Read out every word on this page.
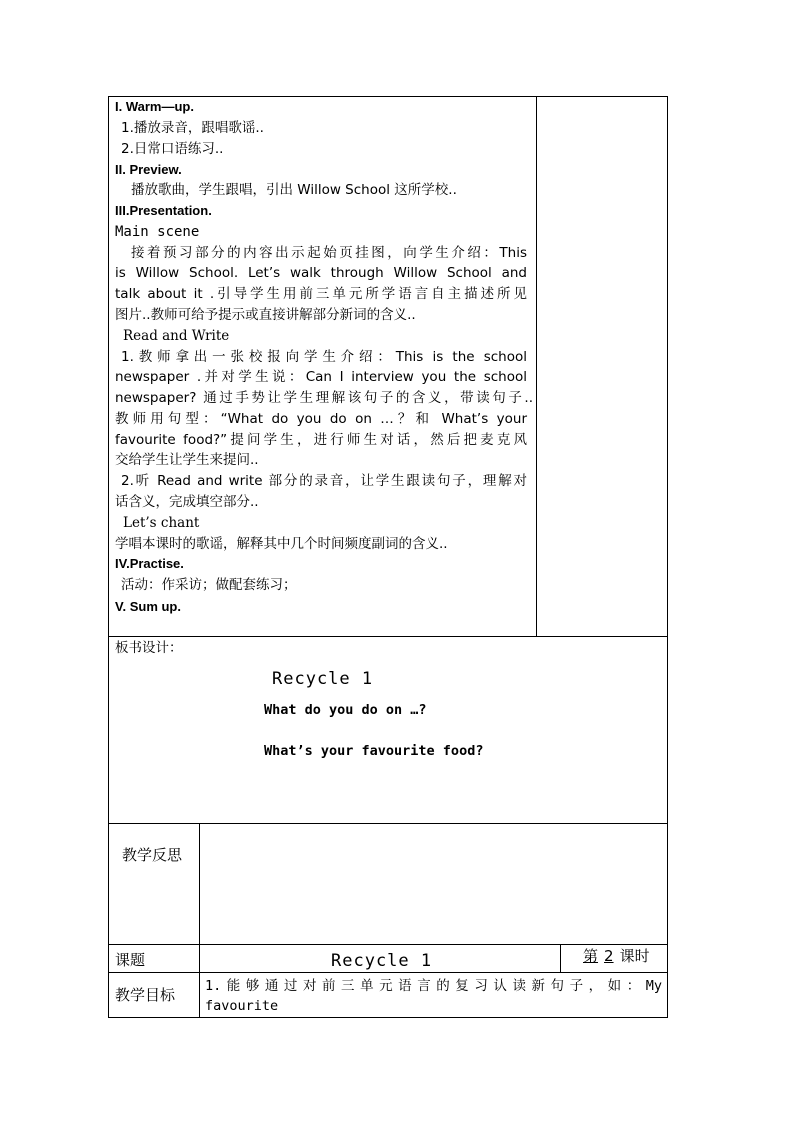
I. Warm—up.
1.播放录音，跟唱歌谣..
2.日常口语练习..
II. Preview.
播放歌曲，学生跟唱，引出 Willow School 这所学校..
III.Presentation.
Main scene
接着预习部分的内容出示起始页挂图，向学生介绍：This
is Willow School. Let’s walk through Willow School and
talk about it .引导学生用前三单元所学语言自主描述所见
图片..教师可给予提示或直接讲解部分新词的含义..
Read and Write
1.教师拿出一张校报向学生介绍：This is the school
newspaper .并对学生说：Can I interview you the school
newspaper? 通过手势让学生理解该句子的含义，带读句子..
教师用句型：“What do you do on …？和 What’s your
favourite food?”提问学生，进行师生对话，然后把麦克风
交给学生让学生来提问..
2.听 Read and write 部分的录音，让学生跟读句子，理解对
话含义，完成填空部分..
Let’s chant
学唱本课时的歌谣，解释其中几个时间频度副词的含义..
IV.Practise.
活动：作采访；做配套练习；
V. Sum up.
板书设计：
Recycle 1
What do you do on …?
What’s your favourite food?
教学反思
课题	Recycle 1	第 2 课时
教学目标 1.能够通过对前三单元语言的复习认读新句子，如：My
favourite
